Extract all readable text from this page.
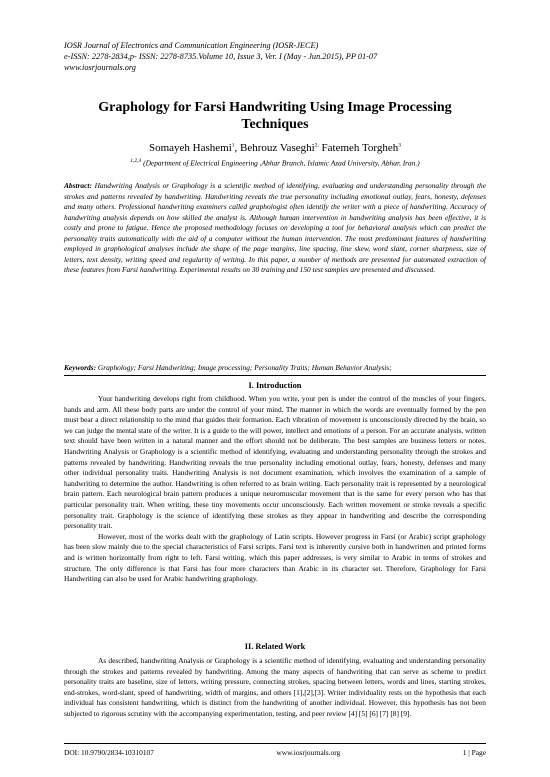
IOSR Journal of Electronics and Communication Engineering (IOSR-JECE)
e-ISSN: 2278-2834,p- ISSN: 2278-8735.Volume 10, Issue 3, Ver. I (May - Jun.2015), PP 01-07
www.iosrjournals.org
Graphology for Farsi Handwriting Using Image Processing Techniques
Somayeh Hashemi$^1$, Behrouz Vaseghi$^{2,}$ Fatemeh Torgheh$^3$
$^{1,2,3}$ (Department of Electrical Engineering ,Abhar Branch, Islamic Azad University, Abhar, Iran.)
Abstract: Handwriting Analysis or Graphology is a scientific method of identifying, evaluating and understanding personality through the strokes and patterns revealed by handwriting. Handwriting reveals the true personality including emotional outlay, fears, honesty, defenses and many others. Professional handwriting examiners called graphologist often identify the writer with a piece of handwriting. Accuracy of handwriting analysis depends on how skilled the analyst is. Although human intervention in handwriting analysis has been effective, it is costly and prone to fatigue. Hence the proposed methodology focuses on developing a tool for behavioral analysis which can predict the personality traits automatically with the aid of a computer without the human intervention. The most predominant features of handwriting employed in graphological analyses include the shape of the page margins, line spacing, line skew, word slant, corner sharpness, size of letters, text density, writing speed and regularity of writing. In this paper, a number of methods are presented for automated extraction of these features from Farsi handwriting. Experimental results on 30 training and 150 test samples are presented and discussed.
Keywords: Graphology; Farsi Handwriting; Image processing; Personality Traits; Human Behavior Analysis;
I. Introduction

Your handwriting develops right from childhood. When you write, your pen is under the control of the muscles of your fingers, hands and arm. All these body parts are under the control of your mind. The manner in which the words are eventually formed by the pen must bear a direct relationship to the mind that guides their formation. Each vibration of movement is unconsciously directed by the brain, so we can judge the mental state of the writer. It is a guide to the will power, intellect and emotions of a person. For an accurate analysis, written text should have been written in a natural manner and the effort should not be deliberate. The best samples are business letters or notes. Handwriting Analysis or Graphology is a scientific method of identifying, evaluating and understanding personality through the strokes and patterns revealed by handwriting. Handwriting reveals the true personality including emotional outlay, fears, honesty, defenses and many other individual personality traits. Handwriting Analysis is not document examination, which involves the examination of a sample of handwriting to determine the author. Handwriting is often referred to as brain writing. Each personality trait is represented by a neurological brain pattern. Each neurological brain pattern produces a unique neuromuscular movement that is the same for every person who has that particular personality trait. When writing, these tiny movements occur unconsciously. Each written movement or stroke reveals a specific personality trait. Graphology is the science of identifying these strokes as they appear in handwriting and describe the corresponding personality trait.

However, most of the works dealt with the graphology of Latin scripts. However progress in Farsi (or Arabic) script graphology has been slow mainly due to the special characteristics of Farsi scripts. Farsi text is inherently cursive both in handwritten and printed forms and is written horizontally from right to left. Farsi writing, which this paper addresses, is very similar to Arabic in terms of strokes and structure. The only difference is that Farsi has four more characters than Arabic in its character set. Therefore, Graphology for Farsi Handwriting can also be used for Arabic handwriting graphology.

II. Related Work

As described, handwriting Analysis or Graphology is a scientific method of identifying, evaluating and understanding personality through the strokes and patterns revealed by handwriting. Among the many aspects of handwriting that can serve as scheme to predict personality traits are baseline, size of letters, writing pressure, connecting strokes, spacing between letters, words and lines, starting strokes, end-strokes, word-slant, speed of handwriting, width of margins, and others [1],[2],[3]. Writer individuality rests on the hypothesis that each individual has consistent handwriting, which is distinct from the handwriting of another individual. However, this hypothesis has not been subjected to rigorous scrutiny with the accompanying experimentation, testing, and peer review [4] [5] [6] [7] [8] [9].

DOI: 10.9790/2834-10310107	www.iosrjournals.org	1 | Page
